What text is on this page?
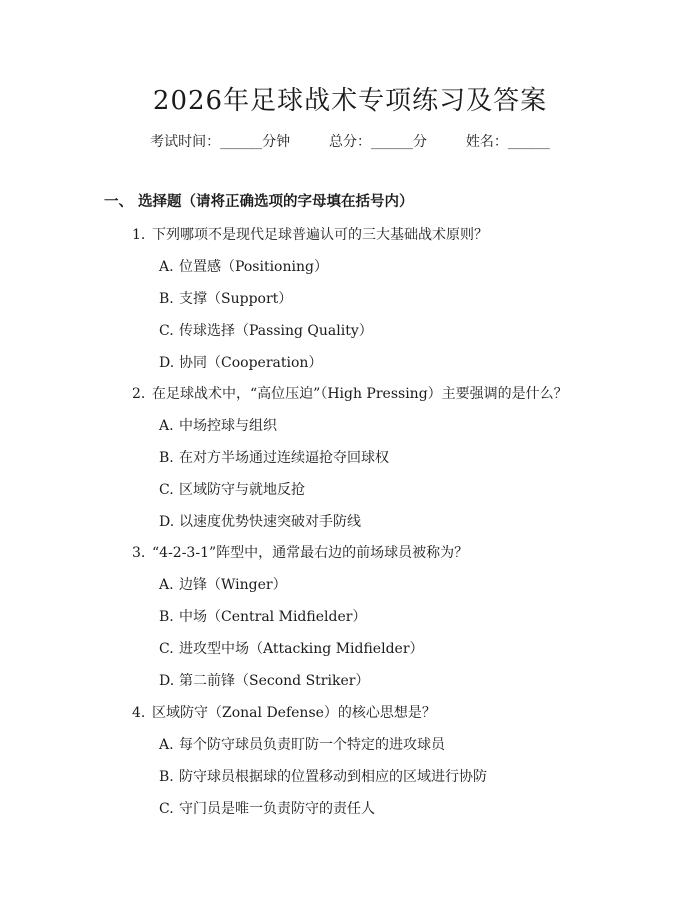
2026年足球战术专项练习及答案
考试时间：______分钟	总分：______分	姓名：______
一、 选择题（请将正确选项的字母填在括号内）
1. 下列哪项不是现代足球普遍认可的三大基础战术原则？
A. 位置感（Positioning）
B. 支撑（Support）
C. 传球选择（Passing Quality）
D. 协同（Cooperation）
2. 在足球战术中，“高位压迫”（High Pressing）主要强调的是什么？
A. 中场控球与组织
B. 在对方半场通过连续逼抢夺回球权
C. 区域防守与就地反抢
D. 以速度优势快速突破对手防线
3. “4-2-3-1”阵型中，通常最右边的前场球员被称为？
A. 边锋（Winger）
B. 中场（Central Midfielder）
C. 进攻型中场（Attacking Midfielder）
D. 第二前锋（Second Striker）
4. 区域防守（Zonal Defense）的核心思想是？
A. 每个防守球员负责盯防一个特定的进攻球员
B. 防守球员根据球的位置移动到相应的区域进行协防
C. 守门员是唯一负责防守的责任人
